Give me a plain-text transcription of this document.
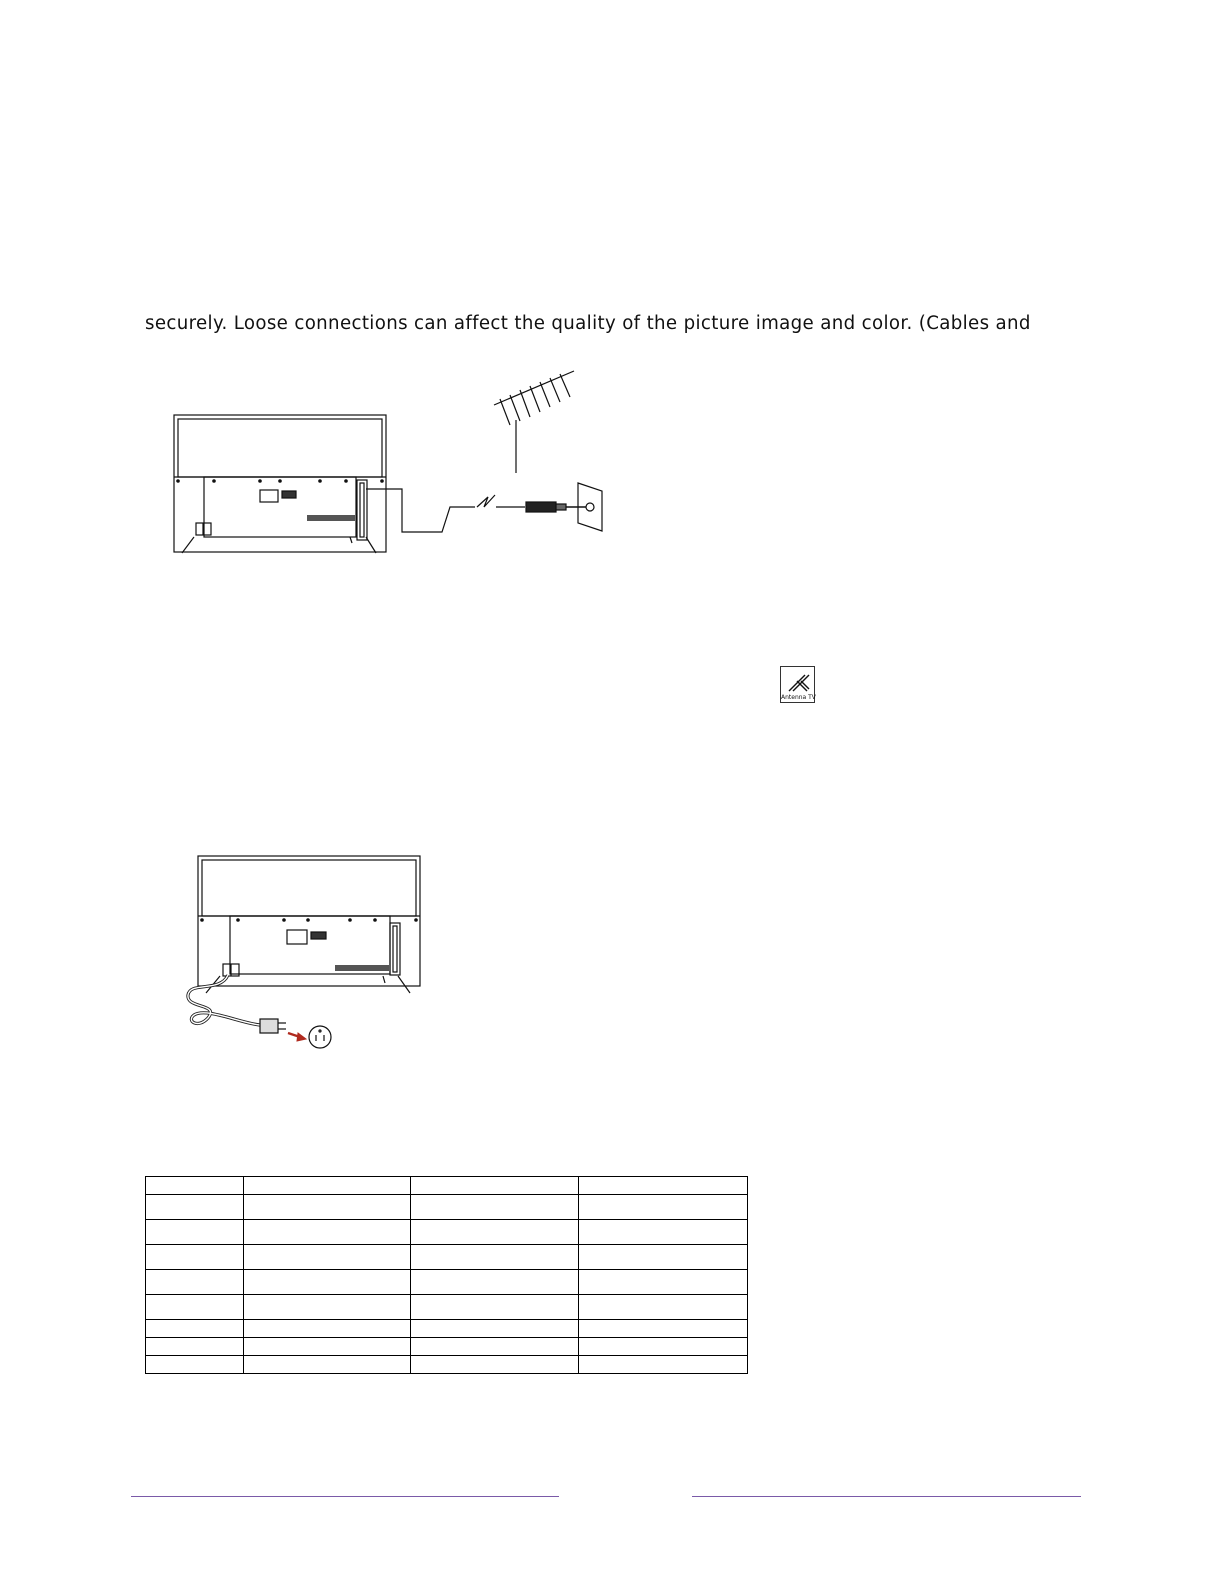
securely. Loose connections can affect the quality of the picture image and color. (Cables and
Antenna TV
